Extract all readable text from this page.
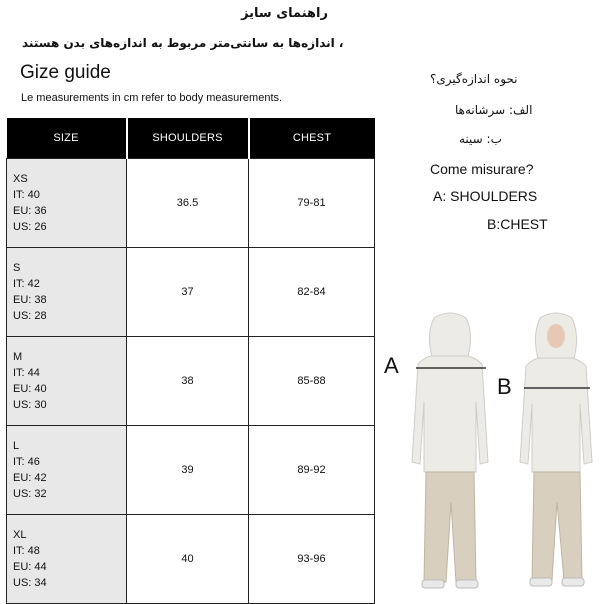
راهنمای سایز
، اندازه‌ها به سانتی‌متر مربوط به اندازه‌های بدن هستند
Gize guide
Le measurements in cm refer to body measurements.
SIZE	SHOULDERS	CHEST

XS
IT: 40
EU: 36
US: 26	36.5	79-81

S
IT: 42
EU: 38
US: 28	37	82-84

M
IT: 44
EU: 40
US: 30	38	85-88

L
IT: 46
EU: 42
US: 32	39	89-92

XL
IT: 48
EU: 44
US: 34	40	93-96
نحوه اندازه‌گیری؟
الف: سرشانه‌ها
ب: سینه
Come misurare?
A: SHOULDERS
B:CHEST
A
B
